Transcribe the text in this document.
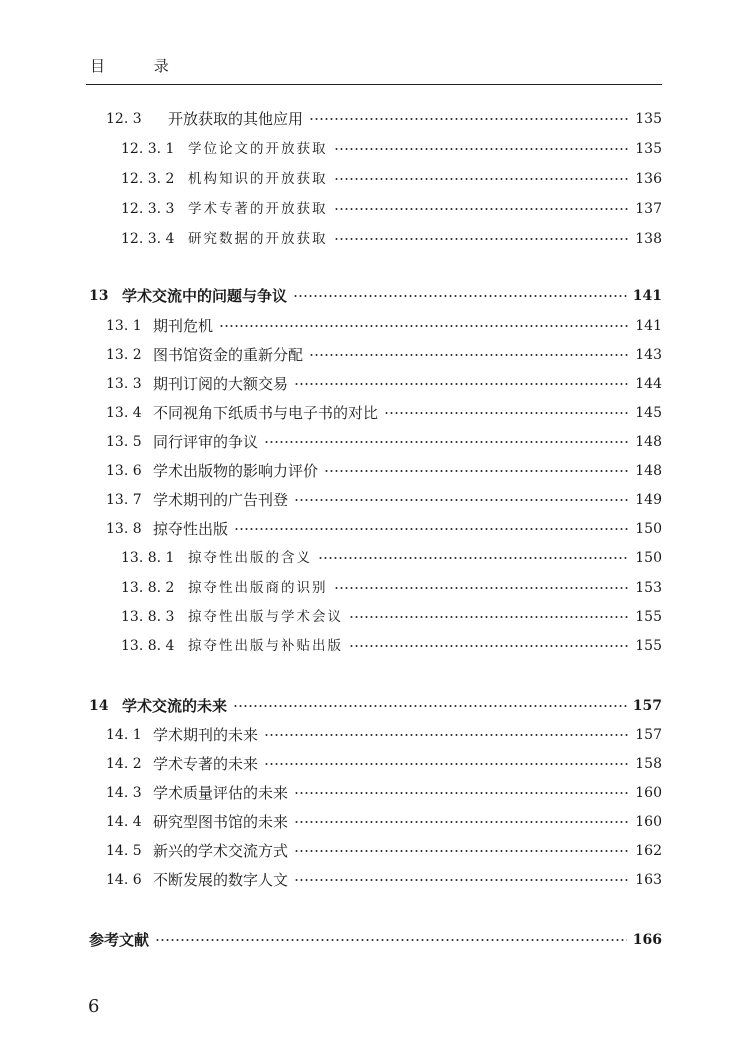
目 录
12. 3 开放获取的其他应用	135
12. 3. 1 学位论文的开放获取	135
12. 3. 2 机构知识的开放获取	136
12. 3. 3 学术专著的开放获取	137
12. 3. 4 研究数据的开放获取	138
13 学术交流中的问题与争议	141
13. 1 期刊危机	141
13. 2 图书馆资金的重新分配	143
13. 3 期刊订阅的大额交易	144
13. 4 不同视角下纸质书与电子书的对比	145
13. 5 同行评审的争议	148
13. 6 学术出版物的影响力评价	148
13. 7 学术期刊的广告刊登	149
13. 8 掠夺性出版	150
13. 8. 1 掠夺性出版的含义	150
13. 8. 2 掠夺性出版商的识别	153
13. 8. 3 掠夺性出版与学术会议	155
13. 8. 4 掠夺性出版与补贴出版	155
14 学术交流的未来	157
14. 1 学术期刊的未来	157
14. 2 学术专著的未来	158
14. 3 学术质量评估的未来	160
14. 4 研究型图书馆的未来	160
14. 5 新兴的学术交流方式	162
14. 6 不断发展的数字人文	163
参考文献	166
6
